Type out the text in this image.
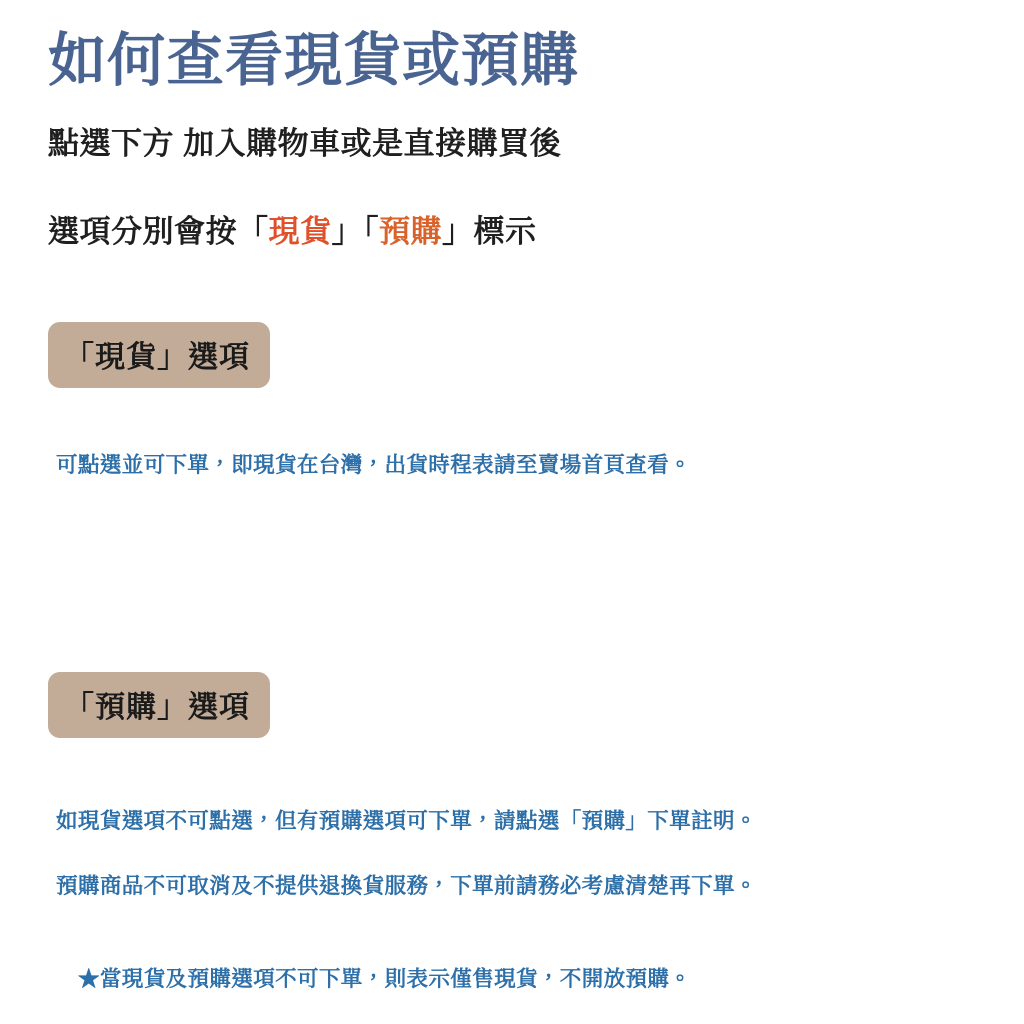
如何查看現貨或預購

點選下方 加入購物車或是直接購買後

選項分別會按「現貨」「預購」標示

「現貨」選項

可點選並可下單，即現貨在台灣，出貨時程表請至賣場首頁查看。

「預購」選項

如現貨選項不可點選，但有預購選項可下單，請點選「預購」下單註明。

預購商品不可取消及不提供退換貨服務，下單前請務必考慮清楚再下單。

★當現貨及預購選項不可下單，則表示僅售現貨，不開放預購。
